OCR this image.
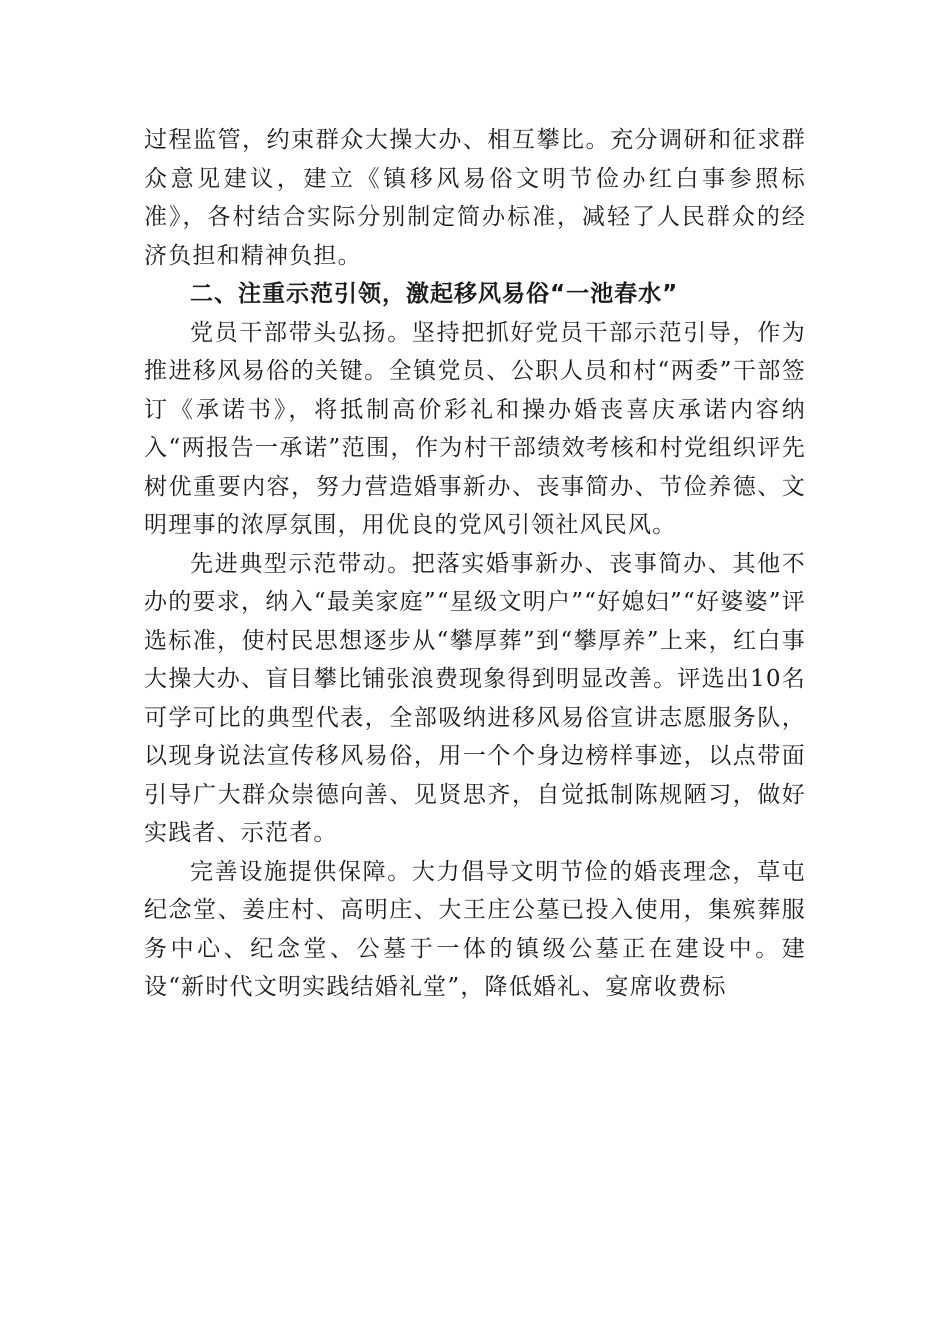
过程监管，约束群众大操大办、相互攀比。充分调研和征求群众意见建议，建立《镇移风易俗文明节俭办红白事参照标准》，各村结合实际分别制定简办标准，减轻了人民群众的经济负担和精神负担。

二、注重示范引领，激起移风易俗“一池春水”

党员干部带头弘扬。坚持把抓好党员干部示范引导，作为推进移风易俗的关键。全镇党员、公职人员和村“两委”干部签订《承诺书》，将抵制高价彩礼和操办婚丧喜庆承诺内容纳入“两报告一承诺”范围，作为村干部绩效考核和村党组织评先树优重要内容，努力营造婚事新办、丧事简办、节俭养德、文明理事的浓厚氛围，用优良的党风引领社风民风。

先进典型示范带动。把落实婚事新办、丧事简办、其他不办的要求，纳入“最美家庭”“星级文明户”“好媳妇”“好婆婆”评选标准，使村民思想逐步从“攀厚葬”到“攀厚养”上来，红白事大操大办、盲目攀比铺张浪费现象得到明显改善。评选出10名可学可比的典型代表，全部吸纳进移风易俗宣讲志愿服务队，以现身说法宣传移风易俗，用一个个身边榜样事迹，以点带面引导广大群众崇德向善、见贤思齐，自觉抵制陈规陋习，做好实践者、示范者。

完善设施提供保障。大力倡导文明节俭的婚丧理念，草屯纪念堂、姜庄村、高明庄、大王庄公墓已投入使用，集殡葬服务中心、纪念堂、公墓于一体的镇级公墓正在建设中。建设“新时代文明实践结婚礼堂”，降低婚礼、宴席收费标
